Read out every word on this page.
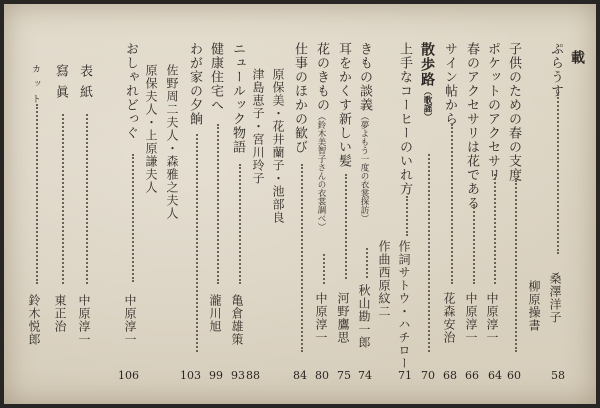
載
ぷらうす
桑澤洋子
58
柳原操書
子供のための春の支度
60
ポケットのアクセサリ
中原淳一
64
春のアクセサリは花である
中原淳一
66
サイン帖から
花森安治
68
散歩路（歌謡）
70
上手なコーヒーのいれ方
作詞サトウ・ハチロー
71
作曲西原紋二
きもの談義（夢よもう一度の衣裳探訪）
秋山勘一郎
74
耳をかくす新しい髪
河野鷹思
75
花のきもの（鈴木美智子さんの衣裳調べ）
中原淳一
80
仕事のほかの歓び
84
原保美・花井蘭子・池部良
88
津島恵子・宮川玲子
ニュールック物語
亀倉雄策
93
健康住宅へ
瀧川旭
99
わが家の夕餉
103
佐野周二夫人・森雅之夫人
原保夫人・上原謙夫人
おしゃれどっぐ
中原淳一
106
表紙
中原淳一
寫眞
東正治
カット
鈴木悦郎
